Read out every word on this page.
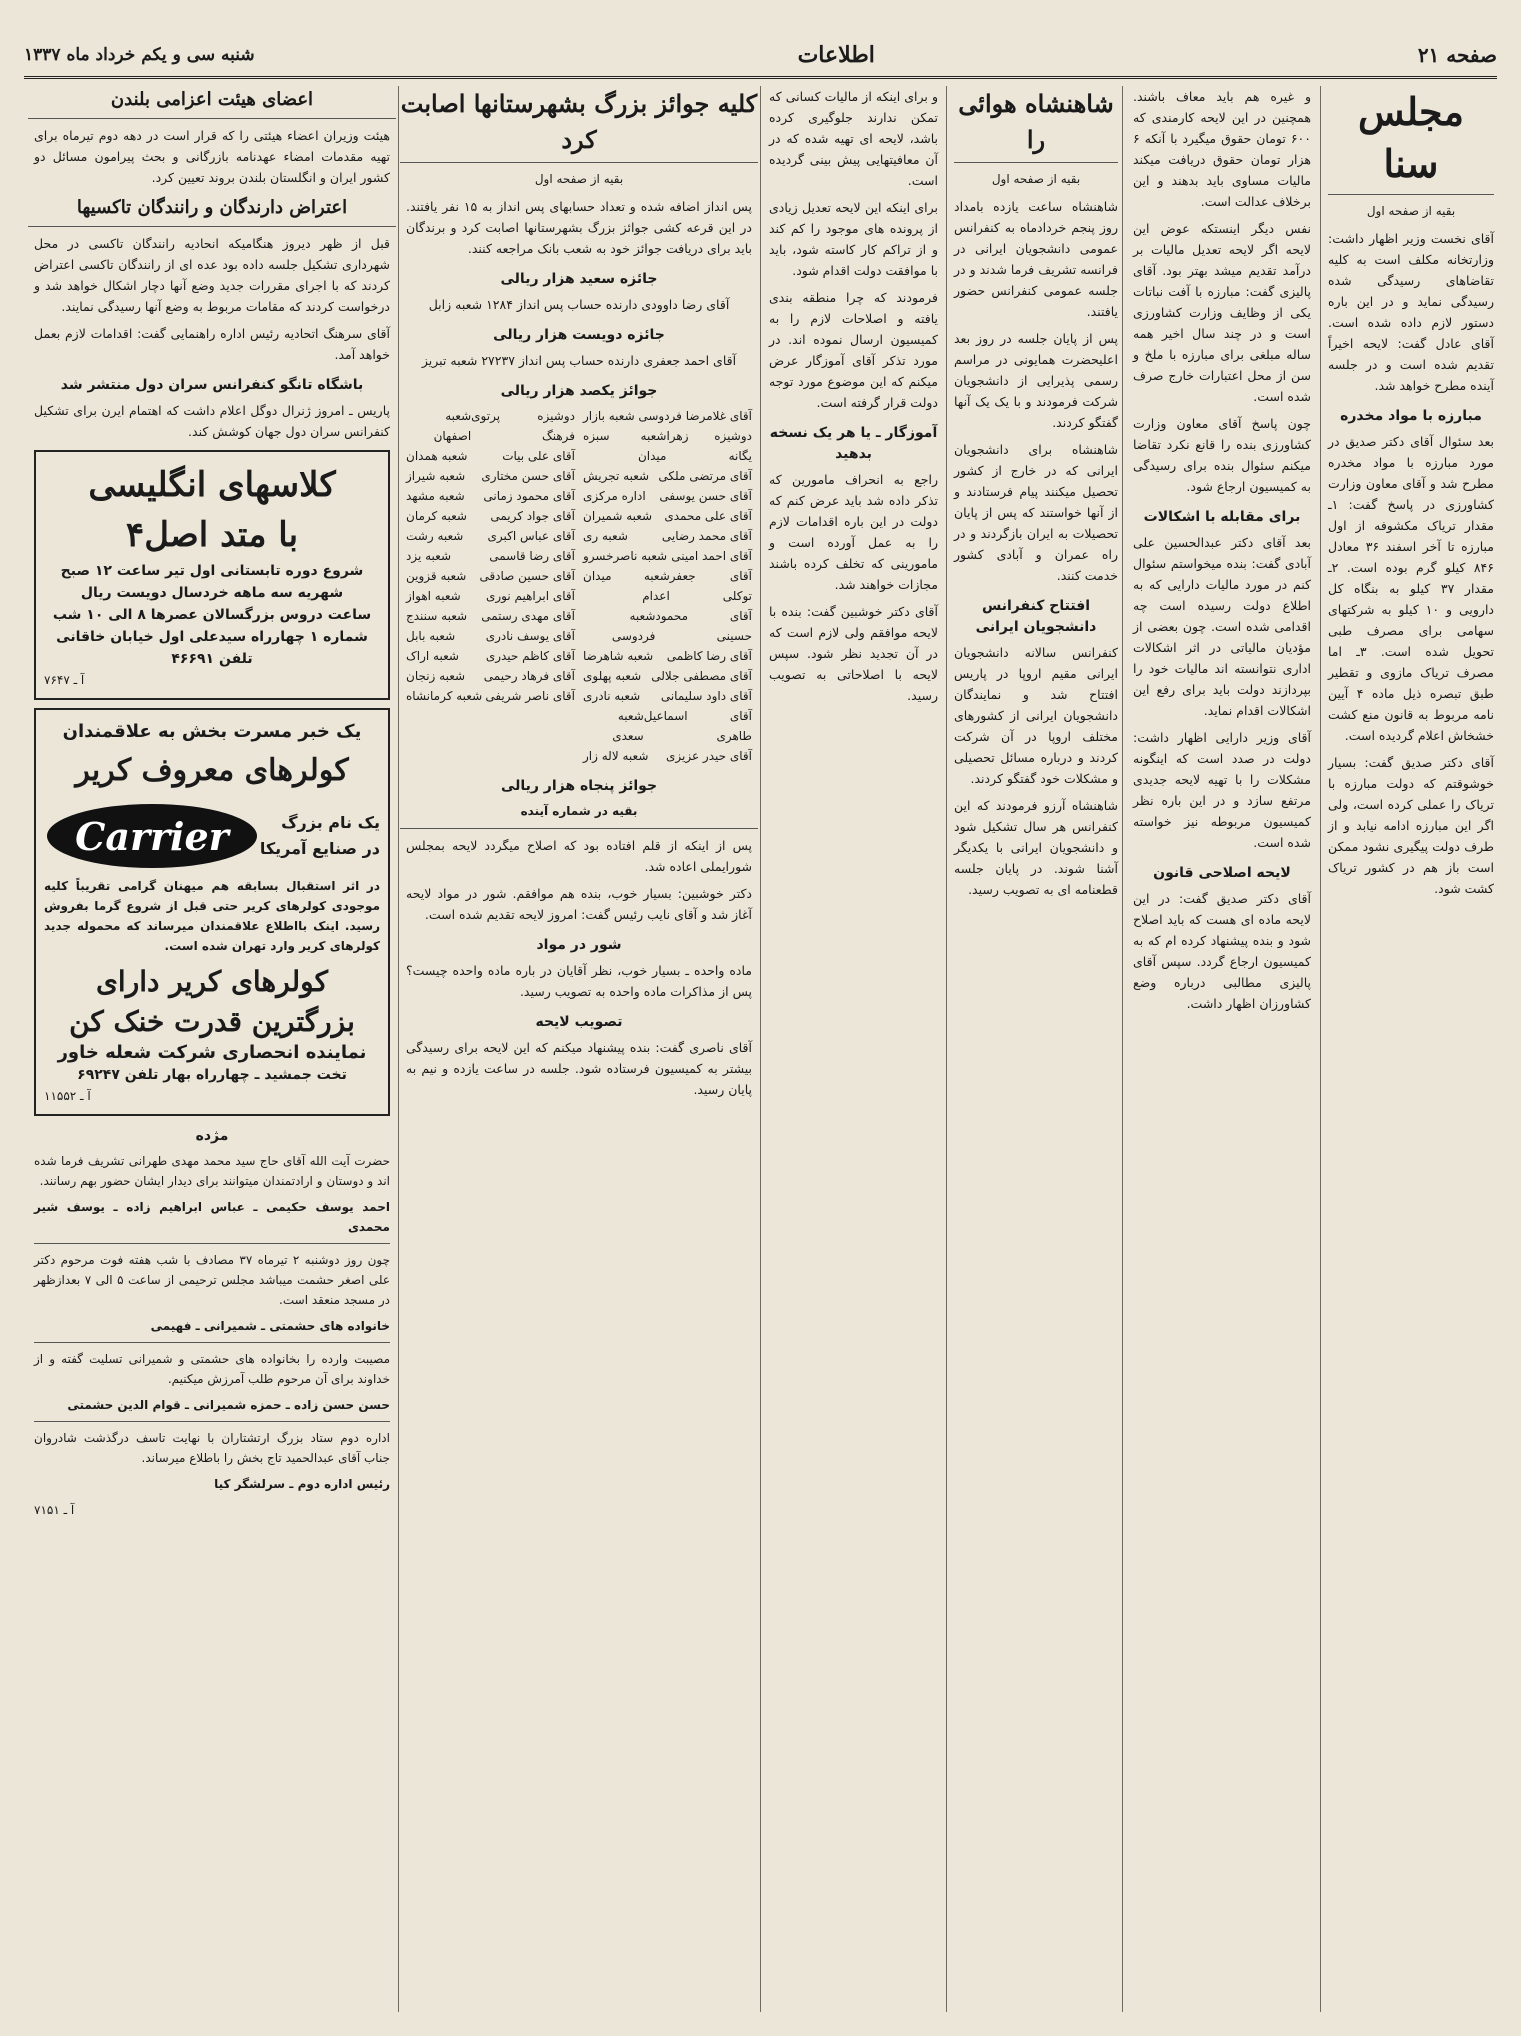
صفحه ۲۱
اطلاعات
شنبه سی و یکم خرداد ماه ۱۳۳۷
مجلس سنا
بقیه از صفحه اول

آقای نخست وزیر اظهار داشت: وزارتخانه مکلف است به کلیه تقاضاهای رسیدگی شده رسیدگی نماید و در این باره دستور لازم داده شده است. آقای عادل گفت: لایحه اخیراً تقدیم شده است و در جلسه آینده مطرح خواهد شد.

مبارزه با مواد مخدره

بعد سئوال آقای دکتر صدیق در مورد مبارزه با مواد مخدره مطرح شد و آقای معاون وزارت کشاورزی در پاسخ گفت: ۱ـ مقدار تریاک مکشوفه از اول مبارزه تا آخر اسفند ۳۶ معادل ۸۴۶ کیلو گرم بوده است. ۲ـ مقدار ۳۷ کیلو به بنگاه کل دارویی و ۱۰ کیلو به شرکتهای سهامی برای مصرف طبی تحویل شده است. ۳ـ اما مصرف تریاک مازوی و تقطیر طبق تبصره ذیل ماده ۴ آیین نامه مربوط به قانون منع کشت خشخاش اعلام گردیده است.

آقای دکتر صدیق گفت: بسیار خوشوقتم که دولت مبارزه با تریاک را عملی کرده است، ولی اگر این مبارزه ادامه نیابد و از طرف دولت پیگیری نشود ممکن است باز هم در کشور تریاک کشت شود.

و غیره هم باید معاف باشند. همچنین در این لایحه کارمندی که ۶۰۰ تومان حقوق میگیرد با آنکه ۶ هزار تومان حقوق دریافت میکند مالیات مساوی باید بدهند و این برخلاف عدالت است.

نفس دیگر اینستکه عوض این لایحه اگر لایحه تعدیل مالیات بر درآمد تقدیم میشد بهتر بود. آقای پالیزی گفت: مبارزه با آفت نباتات یکی از وظایف وزارت کشاورزی است و در چند سال اخیر همه ساله مبلغی برای مبارزه با ملخ و سن از محل اعتبارات خارج صرف شده است.

چون پاسخ آقای معاون وزارت کشاورزی بنده را قانع نکرد تقاضا میکنم سئوال بنده برای رسیدگی به کمیسیون ارجاع شود.

برای مقابله با اشکالات

بعد آقای دکتر عبدالحسین علی آبادی گفت: بنده میخواستم سئوال کنم در مورد مالیات دارایی که به اطلاع دولت رسیده است چه اقدامی شده است. چون بعضی از مؤدیان مالیاتی در اثر اشکالات اداری نتوانسته اند مالیات خود را بپردازند دولت باید برای رفع این اشکالات اقدام نماید.

آقای وزیر دارایی اظهار داشت: دولت در صدد است که اینگونه مشکلات را با تهیه لایحه جدیدی مرتفع سازد و در این باره نظر کمیسیون مربوطه نیز خواسته شده است.

لایحه اصلاحی قانون

آقای دکتر صدیق گفت: در این لایحه ماده ای هست که باید اصلاح شود و بنده پیشنهاد کرده ام که به کمیسیون ارجاع گردد. سپس آقای پالیزی مطالبی درباره وضع کشاورزان اظهار داشت.

شاهنشاه هوائی را
بقیه از صفحه اول

شاهنشاه ساعت یازده بامداد روز پنجم خردادماه به کنفرانس عمومی دانشجویان ایرانی در فرانسه تشریف فرما شدند و در جلسه عمومی کنفرانس حضور یافتند.

پس از پایان جلسه در روز بعد اعلیحضرت همایونی در مراسم رسمی پذیرایی از دانشجویان شرکت فرمودند و با یک یک آنها گفتگو کردند.

شاهنشاه برای دانشجویان ایرانی که در خارج از کشور تحصیل میکنند پیام فرستادند و از آنها خواستند که پس از پایان تحصیلات به ایران بازگردند و در راه عمران و آبادی کشور خدمت کنند.

افتتاح کنفرانس دانشجویان ایرانی

کنفرانس سالانه دانشجویان ایرانی مقیم اروپا در پاریس افتتاح شد و نمایندگان دانشجویان ایرانی از کشورهای مختلف اروپا در آن شرکت کردند و درباره مسائل تحصیلی و مشکلات خود گفتگو کردند.

شاهنشاه آرزو فرمودند که این کنفرانس هر سال تشکیل شود و دانشجویان ایرانی با یکدیگر آشنا شوند. در پایان جلسه قطعنامه ای به تصویب رسید.

و برای اینکه از مالیات کسانی که تمکن ندارند جلوگیری کرده باشد، لایحه ای تهیه شده که در آن معافیتهایی پیش بینی گردیده است.

برای اینکه این لایحه تعدیل زیادی از پرونده های موجود را کم کند و از تراکم کار کاسته شود، باید با موافقت دولت اقدام شود.

فرمودند که چرا منطقه بندی یافته و اصلاحات لازم را به کمیسیون ارسال نموده اند. در مورد تذکر آقای آموزگار عرض میکنم که این موضوع مورد توجه دولت قرار گرفته است.

آموزگار ـ یا هر یک نسخه بدهید

راجع به انحراف مامورین که تذکر داده شد باید عرض کنم که دولت در این باره اقدامات لازم را به عمل آورده است و مامورینی که تخلف کرده باشند مجازات خواهند شد.

آقای دکتر خوشبین گفت: بنده با لایحه موافقم ولی لازم است که در آن تجدید نظر شود. سپس لایحه با اصلاحاتی به تصویب رسید.

کلیه جوائز بزرگ بشهرستانها اصابت کرد
بقیه از صفحه اول

پس انداز اضافه شده و تعداد حسابهای پس انداز به ۱۵ نفر یافتند. در این قرعه کشی جوائز بزرگ بشهرستانها اصابت کرد و برندگان باید برای دریافت جوائز خود به شعب بانک مراجعه کنند.

جائزه سعید هزار ریالی

آقای رضا داوودی دارنده حساب پس انداز ۱۲۸۴ شعبه زابل

جائزه دویست هزار ریالی

آقای احمد جعفری دارنده حساب پس انداز ۲۷۲۳۷ شعبه تبریز

جوائز یکصد هزار ریالی
آقای غلامرضا فردوسی
شعبه بازار
دوشیزه زهرا یگانه
شعبه سبزه میدان
آقای مرتضی ملکی
شعبه تجریش
آقای حسن یوسفی
اداره مرکزی
آقای علی محمدی
شعبه شمیران
آقای محمد رضایی
شعبه ری
آقای احمد امینی
شعبه ناصرخسرو
آقای جعفر توکلی
شعبه میدان اعدام
آقای محمود حسینی
شعبه فردوسی
آقای رضا کاظمی
شعبه شاهرضا
آقای مصطفی جلالی
شعبه پهلوی
آقای داود سلیمانی
شعبه نادری
آقای اسماعیل طاهری
شعبه سعدی
آقای حیدر عزیزی
شعبه لاله زار
دوشیزه پرتوی فرهنگ
شعبه اصفهان
آقای علی بیات
شعبه همدان
آقای حسن مختاری
شعبه شیراز
آقای محمود زمانی
شعبه مشهد
آقای جواد کریمی
شعبه کرمان
آقای عباس اکبری
شعبه رشت
آقای رضا قاسمی
شعبه یزد
آقای حسین صادقی
شعبه قزوین
آقای ابراهیم نوری
شعبه اهواز
آقای مهدی رستمی
شعبه سنندج
آقای یوسف نادری
شعبه بابل
آقای کاظم حیدری
شعبه اراک
آقای فرهاد رحیمی
شعبه زنجان
آقای ناصر شریفی
شعبه کرمانشاه
جوائز پنجاه هزار ریالی
بقیه در شماره آینده

پس از اینکه از قلم افتاده بود که اصلاح میگردد لایحه بمجلس شورایملی اعاده شد.

دکتر خوشبین: بسیار خوب، بنده هم موافقم. شور در مواد لایحه آغاز شد و آقای نایب رئیس گفت: امروز لایحه تقدیم شده است.

شور در مواد

ماده واحده ـ بسیار خوب، نظر آقایان در باره ماده واحده چیست؟ پس از مذاکرات ماده واحده به تصویب رسید.

تصویب لایحه

آقای ناصری گفت: بنده پیشنهاد میکنم که این لایحه برای رسیدگی بیشتر به کمیسیون فرستاده شود. جلسه در ساعت یازده و نیم به پایان رسید.

اعضای هیئت اعزامی بلندن

هیئت وزیران اعضاء هیئتی را که قرار است در دهه دوم تیرماه برای تهیه مقدمات امضاء عهدنامه بازرگانی و بحث پیرامون مسائل دو کشور ایران و انگلستان بلندن بروند تعیین کرد.

اعتراض دارندگان و رانندگان تاکسیها

قبل از ظهر دیروز هنگامیکه انحادیه رانندگان تاکسی در محل شهرداری تشکیل جلسه داده بود عده ای از رانندگان تاکسی اعتراض کردند که با اجرای مقررات جدید وضع آنها دچار اشکال خواهد شد و درخواست کردند که مقامات مربوط به وضع آنها رسیدگی نمایند.

آقای سرهنگ اتحادیه رئیس اداره راهنمایی گفت: اقدامات لازم بعمل خواهد آمد.

باشگاه تانگو کنفرانس سران دول منتشر شد

پاریس ـ امروز ژنرال دوگل اعلام داشت که اهتمام ایرن برای تشکیل کنفرانس سران دول جهان کوشش کند.

کلاسهای انگلیسی
با متد اصل۴
شروع دوره تابستانی اول تیر ساعت ۱۲ صبح
شهریه سه ماهه خردسال دویست ریال
ساعت دروس بزرگسالان عصرها ۸ الی ۱۰ شب
شماره ۱ چهارراه سیدعلی اول خیابان خاقانی
تلفن ۴۶۶۹۱
آ ـ ۷۶۴۷
یک خبر مسرت بخش به علاقمندان
کولرهای معروف کریر
یک نام بزرگ
در صنایع آمریکا
Carrier

در اثر استقبال بسابقه هم میهنان گرامی تقریباً کلیه موجودی کولرهای کریر حتی قبل از شروع گرما بفروش رسید. اینک بااطلاع علاقمندان میرساند که محموله جدید کولرهای کریر وارد تهران شده است.

کولرهای کریر دارای بزرگترین قدرت خنک کن
نماینده انحصاری شرکت شعله خاور
تخت جمشید ـ چهارراه بهار تلفن ۶۹۲۴۷
آ ـ ۱۱۵۵۲
مژده

حضرت آیت الله آقای حاج سید محمد مهدی طهرانی تشریف فرما شده اند و دوستان و ارادتمندان میتوانند برای دیدار ایشان حضور بهم رسانند.

احمد یوسف حکیمی ـ عباس ابراهیم زاده ـ یوسف شیر محمدی

چون روز دوشنبه ۲ تیرماه ۳۷ مصادف با شب هفته فوت مرحوم دکتر علی اصغر حشمت میباشد مجلس ترحیمی از ساعت ۵ الی ۷ بعدازظهر در مسجد منعقد است.

خانواده های حشمتی ـ شمیرانی ـ فهیمی

مصیبت وارده را بخانواده های حشمتی و شمیرانی تسلیت گفته و از خداوند برای آن مرحوم طلب آمرزش میکنیم.

حسن حسن زاده ـ حمزه شمیرانی ـ قوام الدین حشمتی

اداره دوم ستاد بزرگ ارتشتاران با نهایت تاسف درگذشت شادروان جناب آقای عبدالحمید تاج بخش را باطلاع میرساند.

رئیس اداره دوم ـ سرلشگر کیا

آ ـ ۷۱۵۱
